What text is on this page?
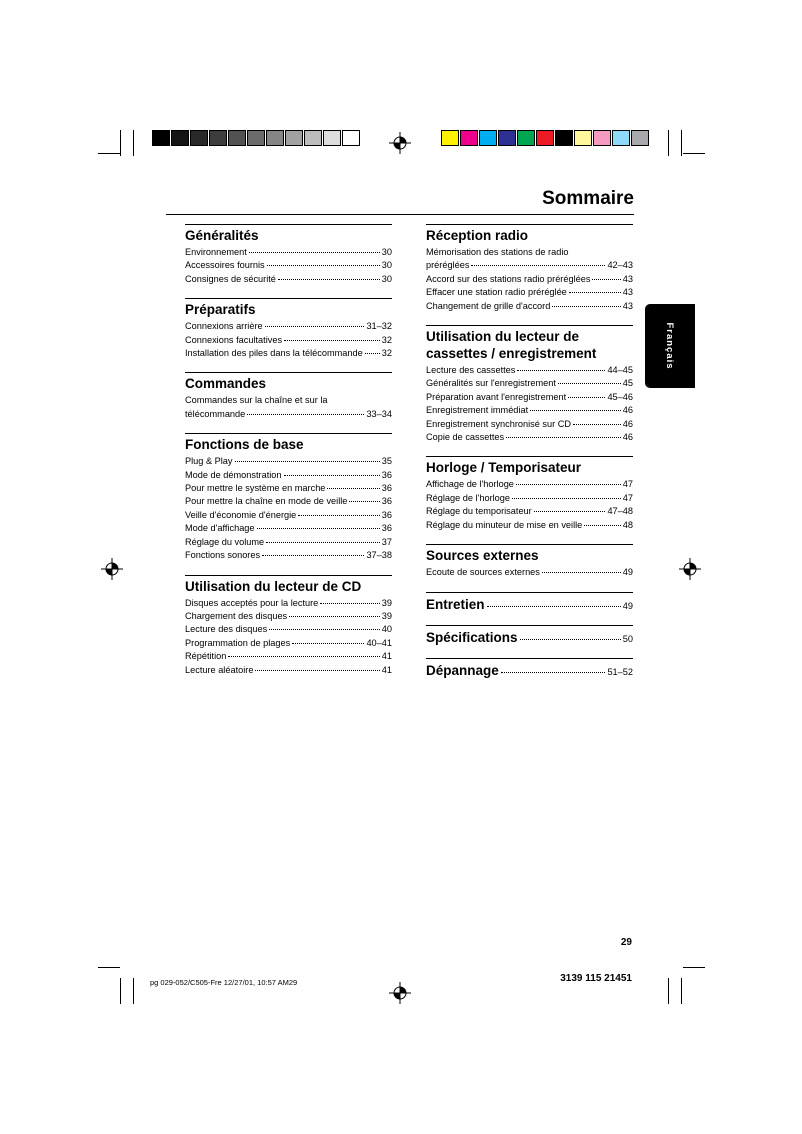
Sommaire
Français
Généralités
Environnement	30
Accessoires fournis	30
Consignes de sécurité	30
Préparatifs
Connexions arrière	31–32
Connexions facultatives	32
Installation des piles dans la télécommande 32
Commandes
Commandes sur la chaîne et sur la
télécommande	33–34
Fonctions de base
Plug & Play	35
Mode de démonstration	36
Pour mettre le système en marche	36
Pour mettre la chaîne en mode de veille	36
Veille d'économie d'énergie	36
Mode d'affichage	36
Réglage du volume	37
Fonctions sonores	37–38
Utilisation du lecteur de CD
Disques acceptés pour la lecture	39
Chargement des disques	39
Lecture des disques	40
Programmation de plages	40–41
Répétition	41
Lecture aléatoire	41
Réception radio
Mémorisation des stations de radio
préréglées	42–43
Accord sur des stations radio préréglées	43
Effacer une station radio préréglée	43
Changement de grille d'accord	43
Utilisation du lecteur de cassettes / enregistrement
Lecture des cassettes	44–45
Généralités sur l'enregistrement	45
Préparation avant l'enregistrement	45–46
Enregistrement immédiat	46
Enregistrement synchronisé sur CD	46
Copie de cassettes	46
Horloge / Temporisateur
Affichage de l'horloge	47
Réglage de l'horloge	47
Réglage du temporisateur	47–48
Réglage du minuteur de mise en veille	48
Sources externes
Ecoute de sources externes	49
Entretien	49
Spécifications	50
Dépannage	51–52
29
pg 029-052/C505-Fre 12/27/01, 10:57 AM29	3139 115 21451
